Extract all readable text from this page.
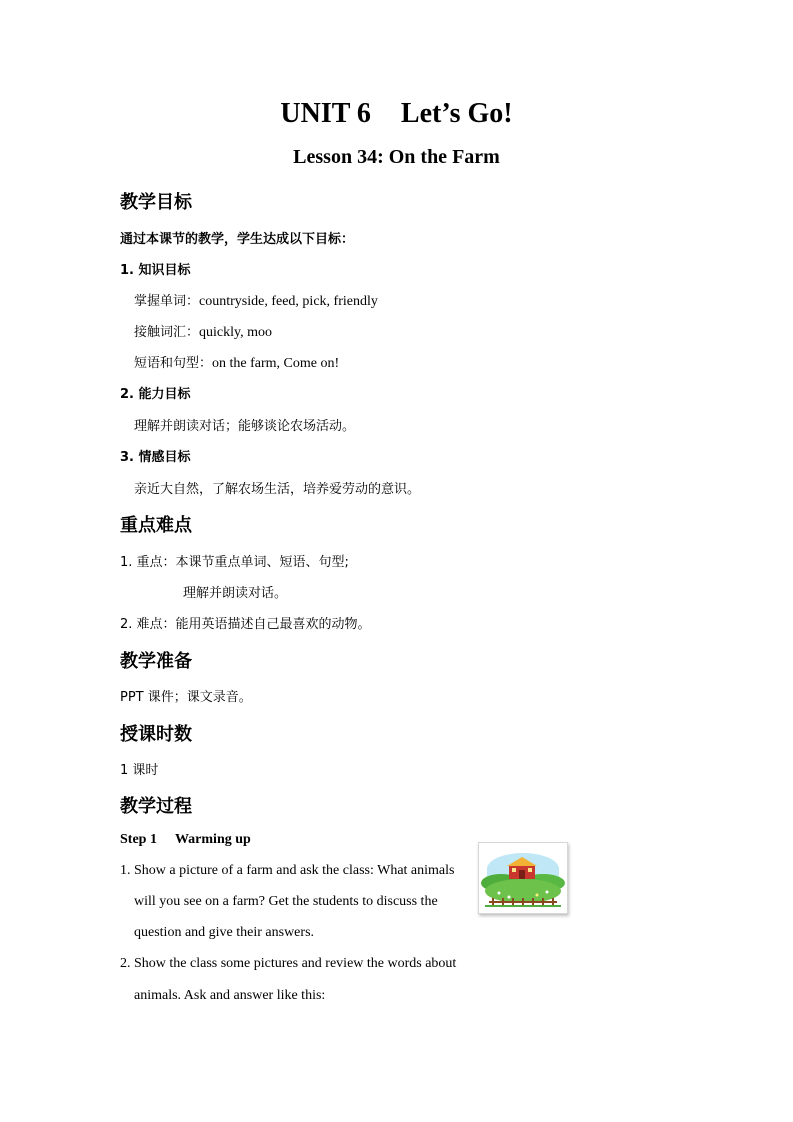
UNIT 6 Let’s Go!
Lesson 34: On the Farm
教学目标
通过本课节的教学，学生达成以下目标：
1. 知识目标
掌握单词：countryside, feed, pick, friendly
接触词汇：quickly, moo
短语和句型：on the farm, Come on!
2. 能力目标
理解并朗读对话；能够谈论农场活动。
3. 情感目标
亲近大自然，了解农场生活，培养爱劳动的意识。
重点难点
1. 重点：本课节重点单词、短语、句型;
理解并朗读对话。
2. 难点：能用英语描述自己最喜欢的动物。
教学准备
PPT 课件；课文录音。
授课时数
1 课时
教学过程
Step 1 Warming up
1. Show a picture of a farm and ask the class: What animals
will you see on a farm? Get the students to discuss the
question and give their answers.
2. Show the class some pictures and review the words about
animals. Ask and answer like this:
